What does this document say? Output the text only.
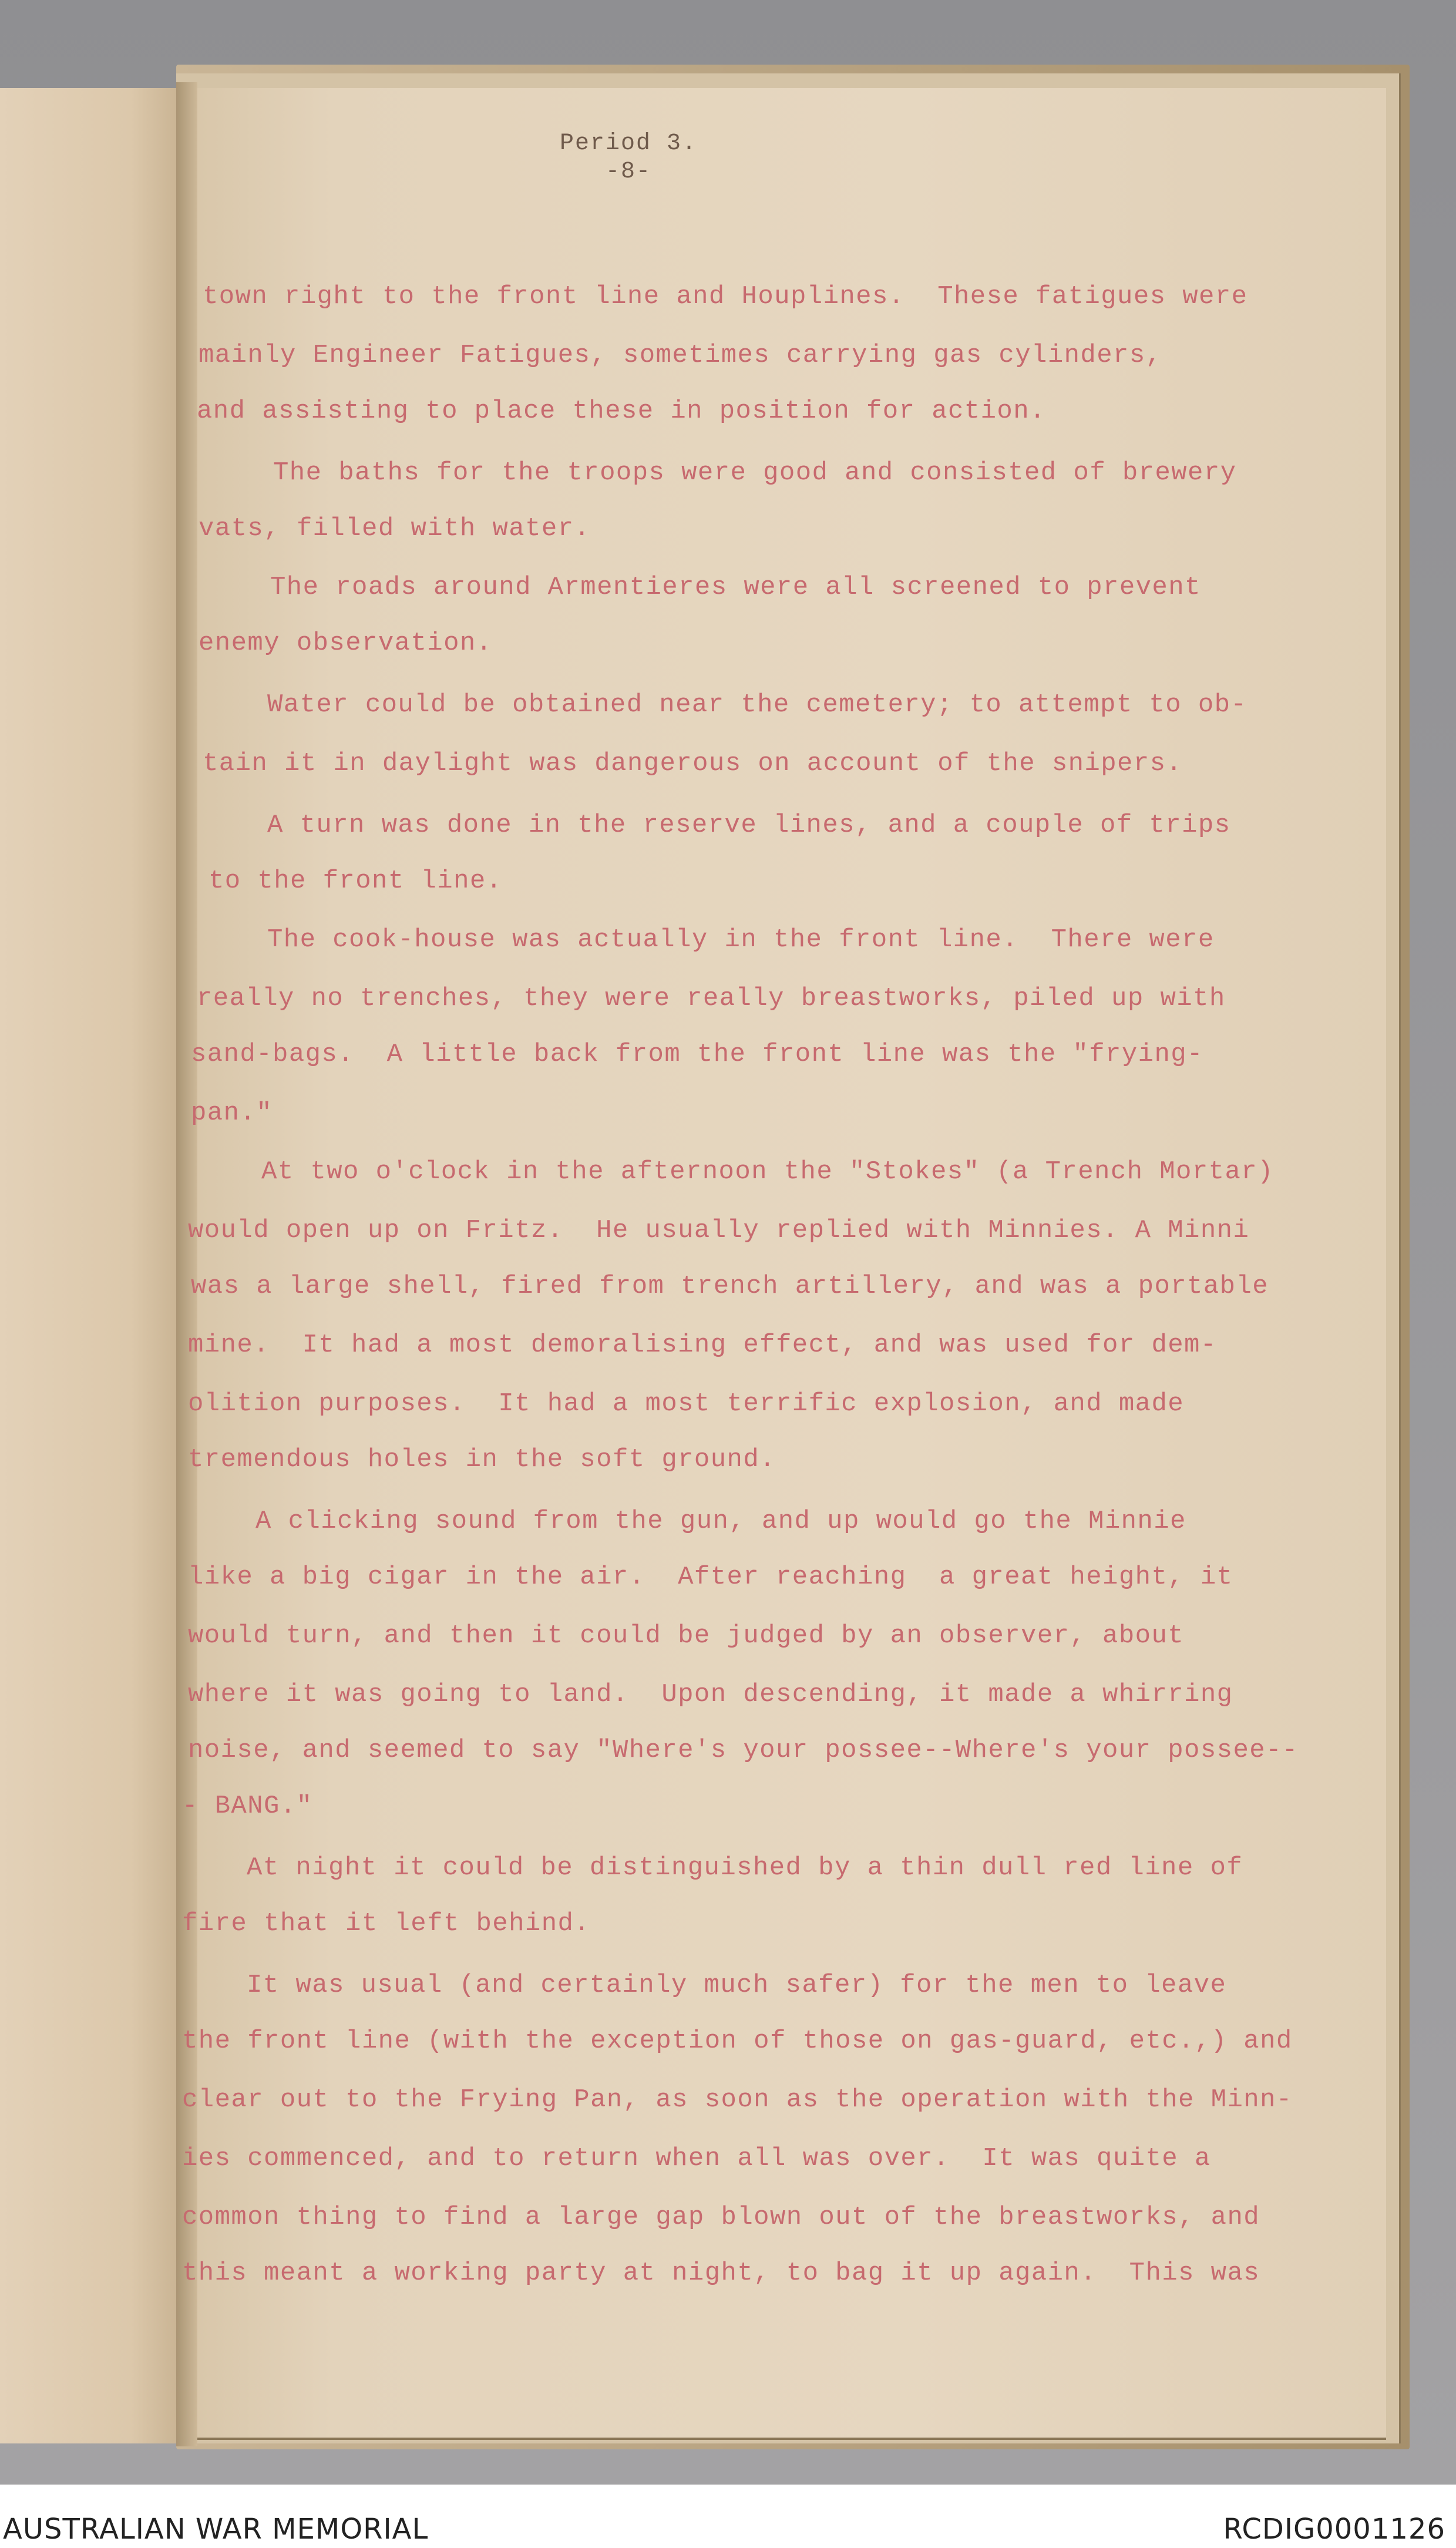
Period 3.
-8-
town right to the front line and Houplines.  These fatigues were
mainly Engineer Fatigues, sometimes carrying gas cylinders,
and assisting to place these in position for action.
The baths for the troops were good and consisted of brewery
vats, filled with water.
The roads around Armentieres were all screened to prevent
enemy observation.
Water could be obtained near the cemetery; to attempt to ob-
tain it in daylight was dangerous on account of the snipers.
A turn was done in the reserve lines, and a couple of trips
to the front line.
The cook-house was actually in the front line.  There were
really no trenches, they were really breastworks, piled up with
sand-bags.  A little back from the front line was the "frying-
pan."
At two o'clock in the afternoon the "Stokes" (a Trench Mortar)
would open up on Fritz.  He usually replied with Minnies. A Minni
was a large shell, fired from trench artillery, and was a portable
mine.  It had a most demoralising effect, and was used for dem-
olition purposes.  It had a most terrific explosion, and made
tremendous holes in the soft ground.
A clicking sound from the gun, and up would go the Minnie
like a big cigar in the air.  After reaching  a great height, it
would turn, and then it could be judged by an observer, about
where it was going to land.  Upon descending, it made a whirring
noise, and seemed to say "Where's your possee--Where's your possee--
- BANG."
At night it could be distinguished by a thin dull red line of
fire that it left behind.
It was usual (and certainly much safer) for the men to leave
the front line (with the exception of those on gas-guard, etc.,) and
clear out to the Frying Pan, as soon as the operation with the Minn-
ies commenced, and to return when all was over.  It was quite a
common thing to find a large gap blown out of the breastworks, and
this meant a working party at night, to bag it up again.  This was
AUSTRALIAN WAR MEMORIAL	RCDIG0001126
